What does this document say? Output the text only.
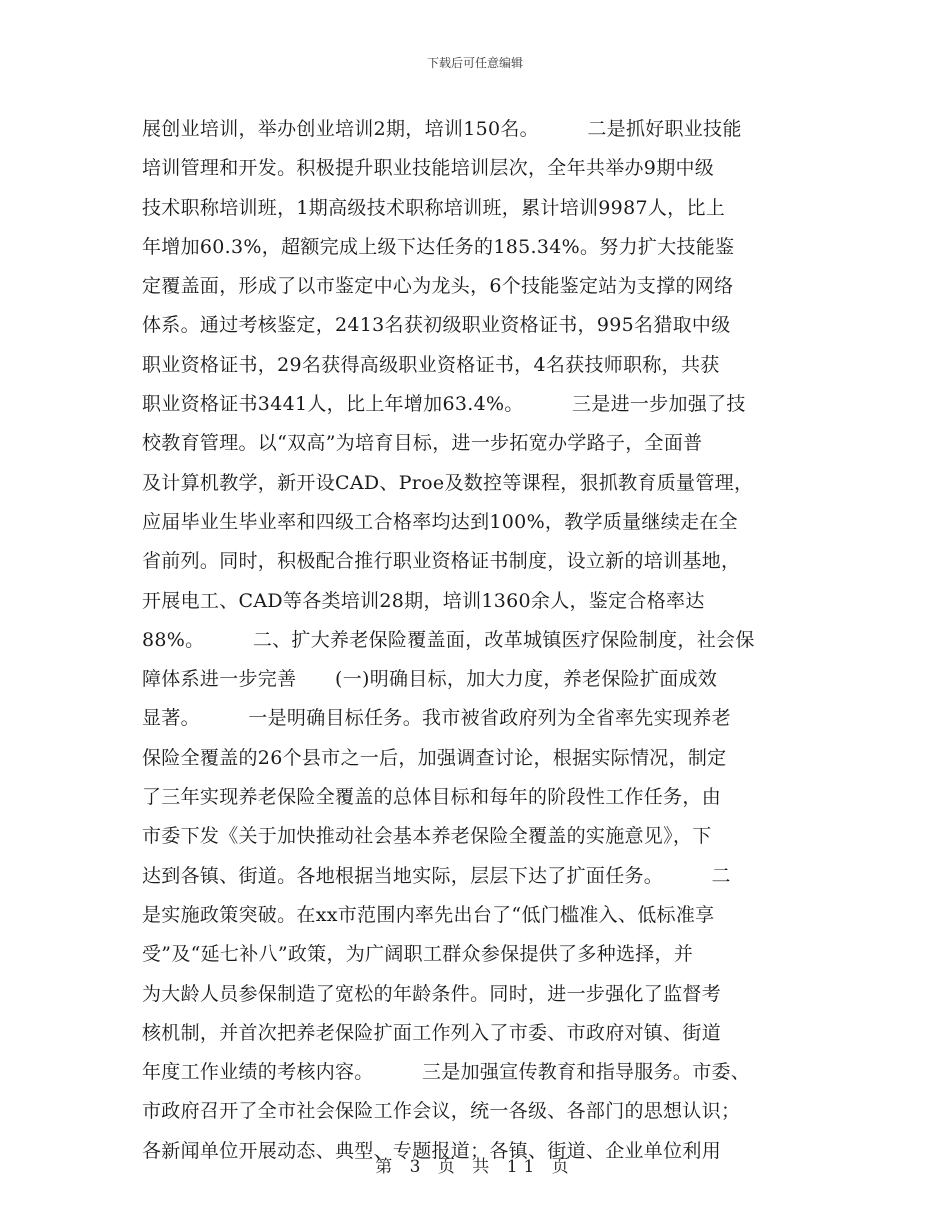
下载后可任意编辑
展创业培训，举办创业培训2期，培训150名。　　　二是抓好职业技能
培训管理和开发。积极提升职业技能培训层次，全年共举办9期中级
技术职称培训班，1期高级技术职称培训班，累计培训9987人，比上
年增加60.3%，超额完成上级下达任务的185.34%。努力扩大技能鉴
定覆盖面，形成了以市鉴定中心为龙头，6个技能鉴定站为支撑的网络
体系。通过考核鉴定，2413名获初级职业资格证书，995名猎取中级
职业资格证书，29名获得高级职业资格证书，4名获技师职称，共获
职业资格证书3441人，比上年增加63.4%。　　　三是进一步加强了技
校教育管理。以“双高”为培育目标，进一步拓宽办学路子，全面普
及计算机教学，新开设CAD、Proe及数控等课程，狠抓教育质量管理，
应届毕业生毕业率和四级工合格率均达到100%，教学质量继续走在全
省前列。同时，积极配合推行职业资格证书制度，设立新的培训基地，
开展电工、CAD等各类培训28期，培训1360余人，鉴定合格率达
88%。　　　二、扩大养老保险覆盖面，改革城镇医疗保险制度，社会保
障体系进一步完善　　(一)明确目标，加大力度，养老保险扩面成效
显著。　　　一是明确目标任务。我市被省政府列为全省率先实现养老
保险全覆盖的26个县市之一后，加强调查讨论，根据实际情况，制定
了三年实现养老保险全覆盖的总体目标和每年的阶段性工作任务，由
市委下发《关于加快推动社会基本养老保险全覆盖的实施意见》，下
达到各镇、街道。各地根据当地实际，层层下达了扩面任务。　　　二
是实施政策突破。在xx市范围内率先出台了“低门槛准入、低标准享
受”及“延七补八”政策，为广阔职工群众参保提供了多种选择，并
为大龄人员参保制造了宽松的年龄条件。同时，进一步强化了监督考
核机制，并首次把养老保险扩面工作列入了市委、市政府对镇、街道
年度工作业绩的考核内容。　　　三是加强宣传教育和指导服务。市委、
市政府召开了全市社会保险工作会议，统一各级、各部门的思想认识；
各新闻单位开展动态、典型、专题报道；各镇、街道、企业单位利用
第 3 页 共 11 页
